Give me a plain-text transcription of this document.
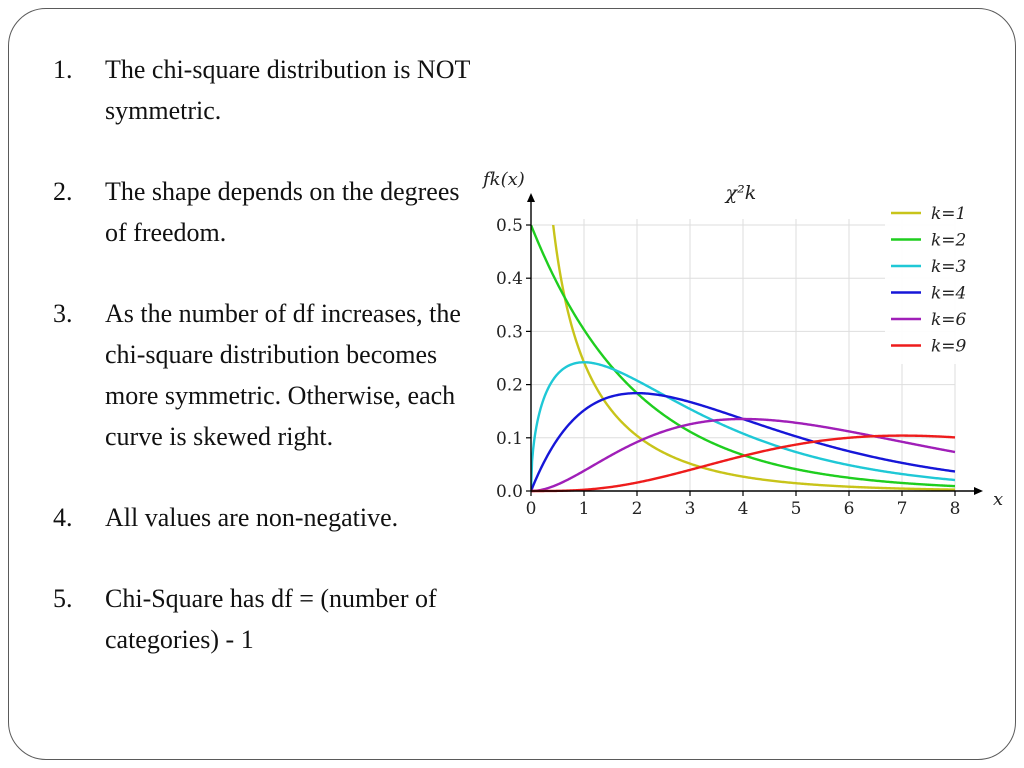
1. The chi-square distribution is NOT symmetric.
2. The shape depends on the degrees of freedom.
3. As the number of df increases, the chi-square distribution becomes more symmetric. Otherwise, each curve is skewed right.
4. All values are non-negative.
5. Chi-Square has df = (number of categories) - 1
0 1 2 3 4 5 6 7 8
0.0
0.1
0.2
0.3
0.4
0.5
x
fk(x)
χ²k
k=1
k=2
k=3
k=4
k=6
k=9
